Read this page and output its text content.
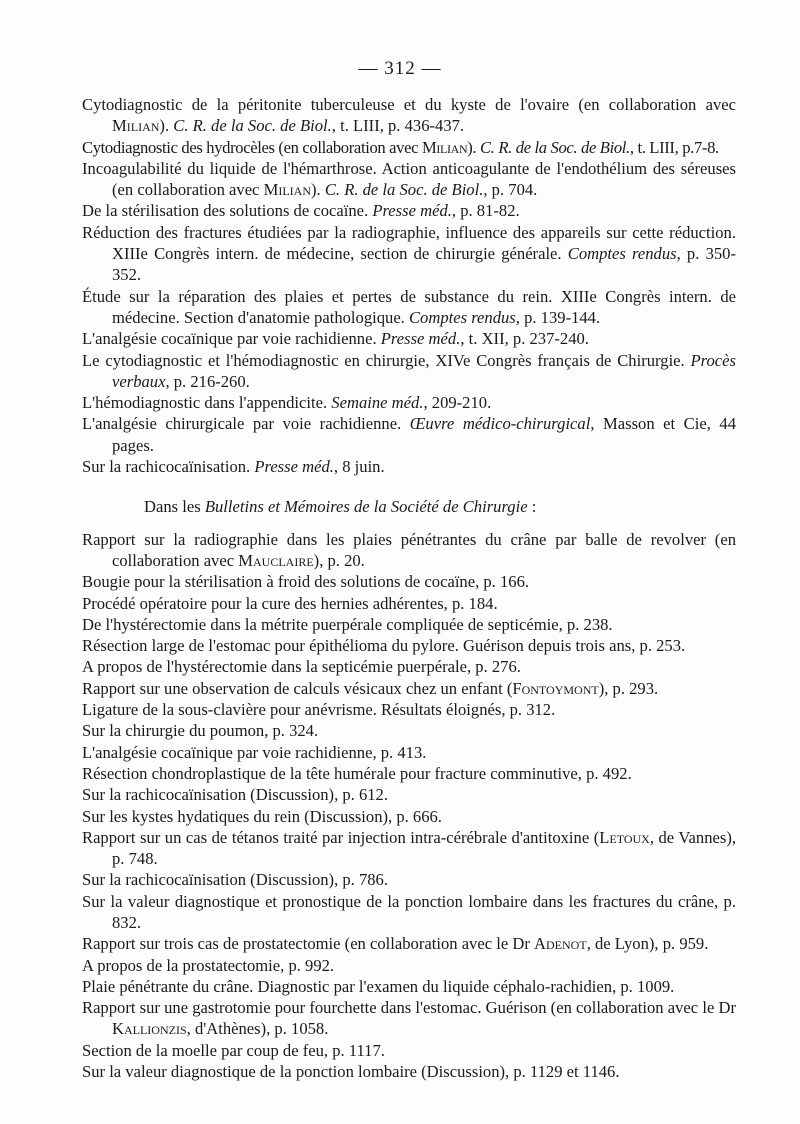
— 312 —

Cytodiagnostic de la péritonite tuberculeuse et du kyste de l'ovaire (en collaboration avec Milian). C. R. de la Soc. de Biol., t. LIII, p. 436-437.

Cytodiagnostic des hydrocèles (en collaboration avec Milian). C. R. de la Soc. de Biol., t. LIII, p.7-8.

Incoagulabilité du liquide de l'hémarthrose. Action anticoagulante de l'endothélium des séreuses (en collaboration avec Milian). C. R. de la Soc. de Biol., p. 704.

De la stérilisation des solutions de cocaïne. Presse méd., p. 81-82.

Réduction des fractures étudiées par la radiographie, influence des appareils sur cette réduction. XIIIe Congrès intern. de médecine, section de chirurgie générale. Comptes rendus, p. 350-352.

Étude sur la réparation des plaies et pertes de substance du rein. XIIIe Congrès intern. de médecine. Section d'anatomie pathologique. Comptes rendus, p. 139-144.

L'analgésie cocaïnique par voie rachidienne. Presse méd., t. XII, p. 237-240.

Le cytodiagnostic et l'hémodiagnostic en chirurgie, XIVe Congrès français de Chirurgie. Procès verbaux, p. 216-260.

L'hémodiagnostic dans l'appendicite. Semaine méd., 209-210.

L'analgésie chirurgicale par voie rachidienne. Œuvre médico-chirurgical, Masson et Cie, 44 pages.

Sur la rachicocaïnisation. Presse méd., 8 juin.

Dans les Bulletins et Mémoires de la Société de Chirurgie :

Rapport sur la radiographie dans les plaies pénétrantes du crâne par balle de revolver (en collaboration avec Mauclaire), p. 20.

Bougie pour la stérilisation à froid des solutions de cocaïne, p. 166.

Procédé opératoire pour la cure des hernies adhérentes, p. 184.

De l'hystérectomie dans la métrite puerpérale compliquée de septicémie, p. 238.

Résection large de l'estomac pour épithélioma du pylore. Guérison depuis trois ans, p. 253.

A propos de l'hystérectomie dans la septicémie puerpérale, p. 276.

Rapport sur une observation de calculs vésicaux chez un enfant (Fontoymont), p. 293.

Ligature de la sous-clavière pour anévrisme. Résultats éloignés, p. 312.

Sur la chirurgie du poumon, p. 324.

L'analgésie cocaïnique par voie rachidienne, p. 413.

Résection chondroplastique de la tête humérale pour fracture comminutive, p. 492.

Sur la rachicocaïnisation (Discussion), p. 612.

Sur les kystes hydatiques du rein (Discussion), p. 666.

Rapport sur un cas de tétanos traité par injection intra-cérébrale d'antitoxine (Letoux, de Vannes), p. 748.

Sur la rachicocaïnisation (Discussion), p. 786.

Sur la valeur diagnostique et pronostique de la ponction lombaire dans les fractures du crâne, p. 832.

Rapport sur trois cas de prostatectomie (en collaboration avec le Dr Adenot, de Lyon), p. 959.

A propos de la prostatectomie, p. 992.

Plaie pénétrante du crâne. Diagnostic par l'examen du liquide céphalo-rachidien, p. 1009.

Rapport sur une gastrotomie pour fourchette dans l'estomac. Guérison (en collaboration avec le Dr Kallionzis, d'Athènes), p. 1058.

Section de la moelle par coup de feu, p. 1117.

Sur la valeur diagnostique de la ponction lombaire (Discussion), p. 1129 et 1146.
